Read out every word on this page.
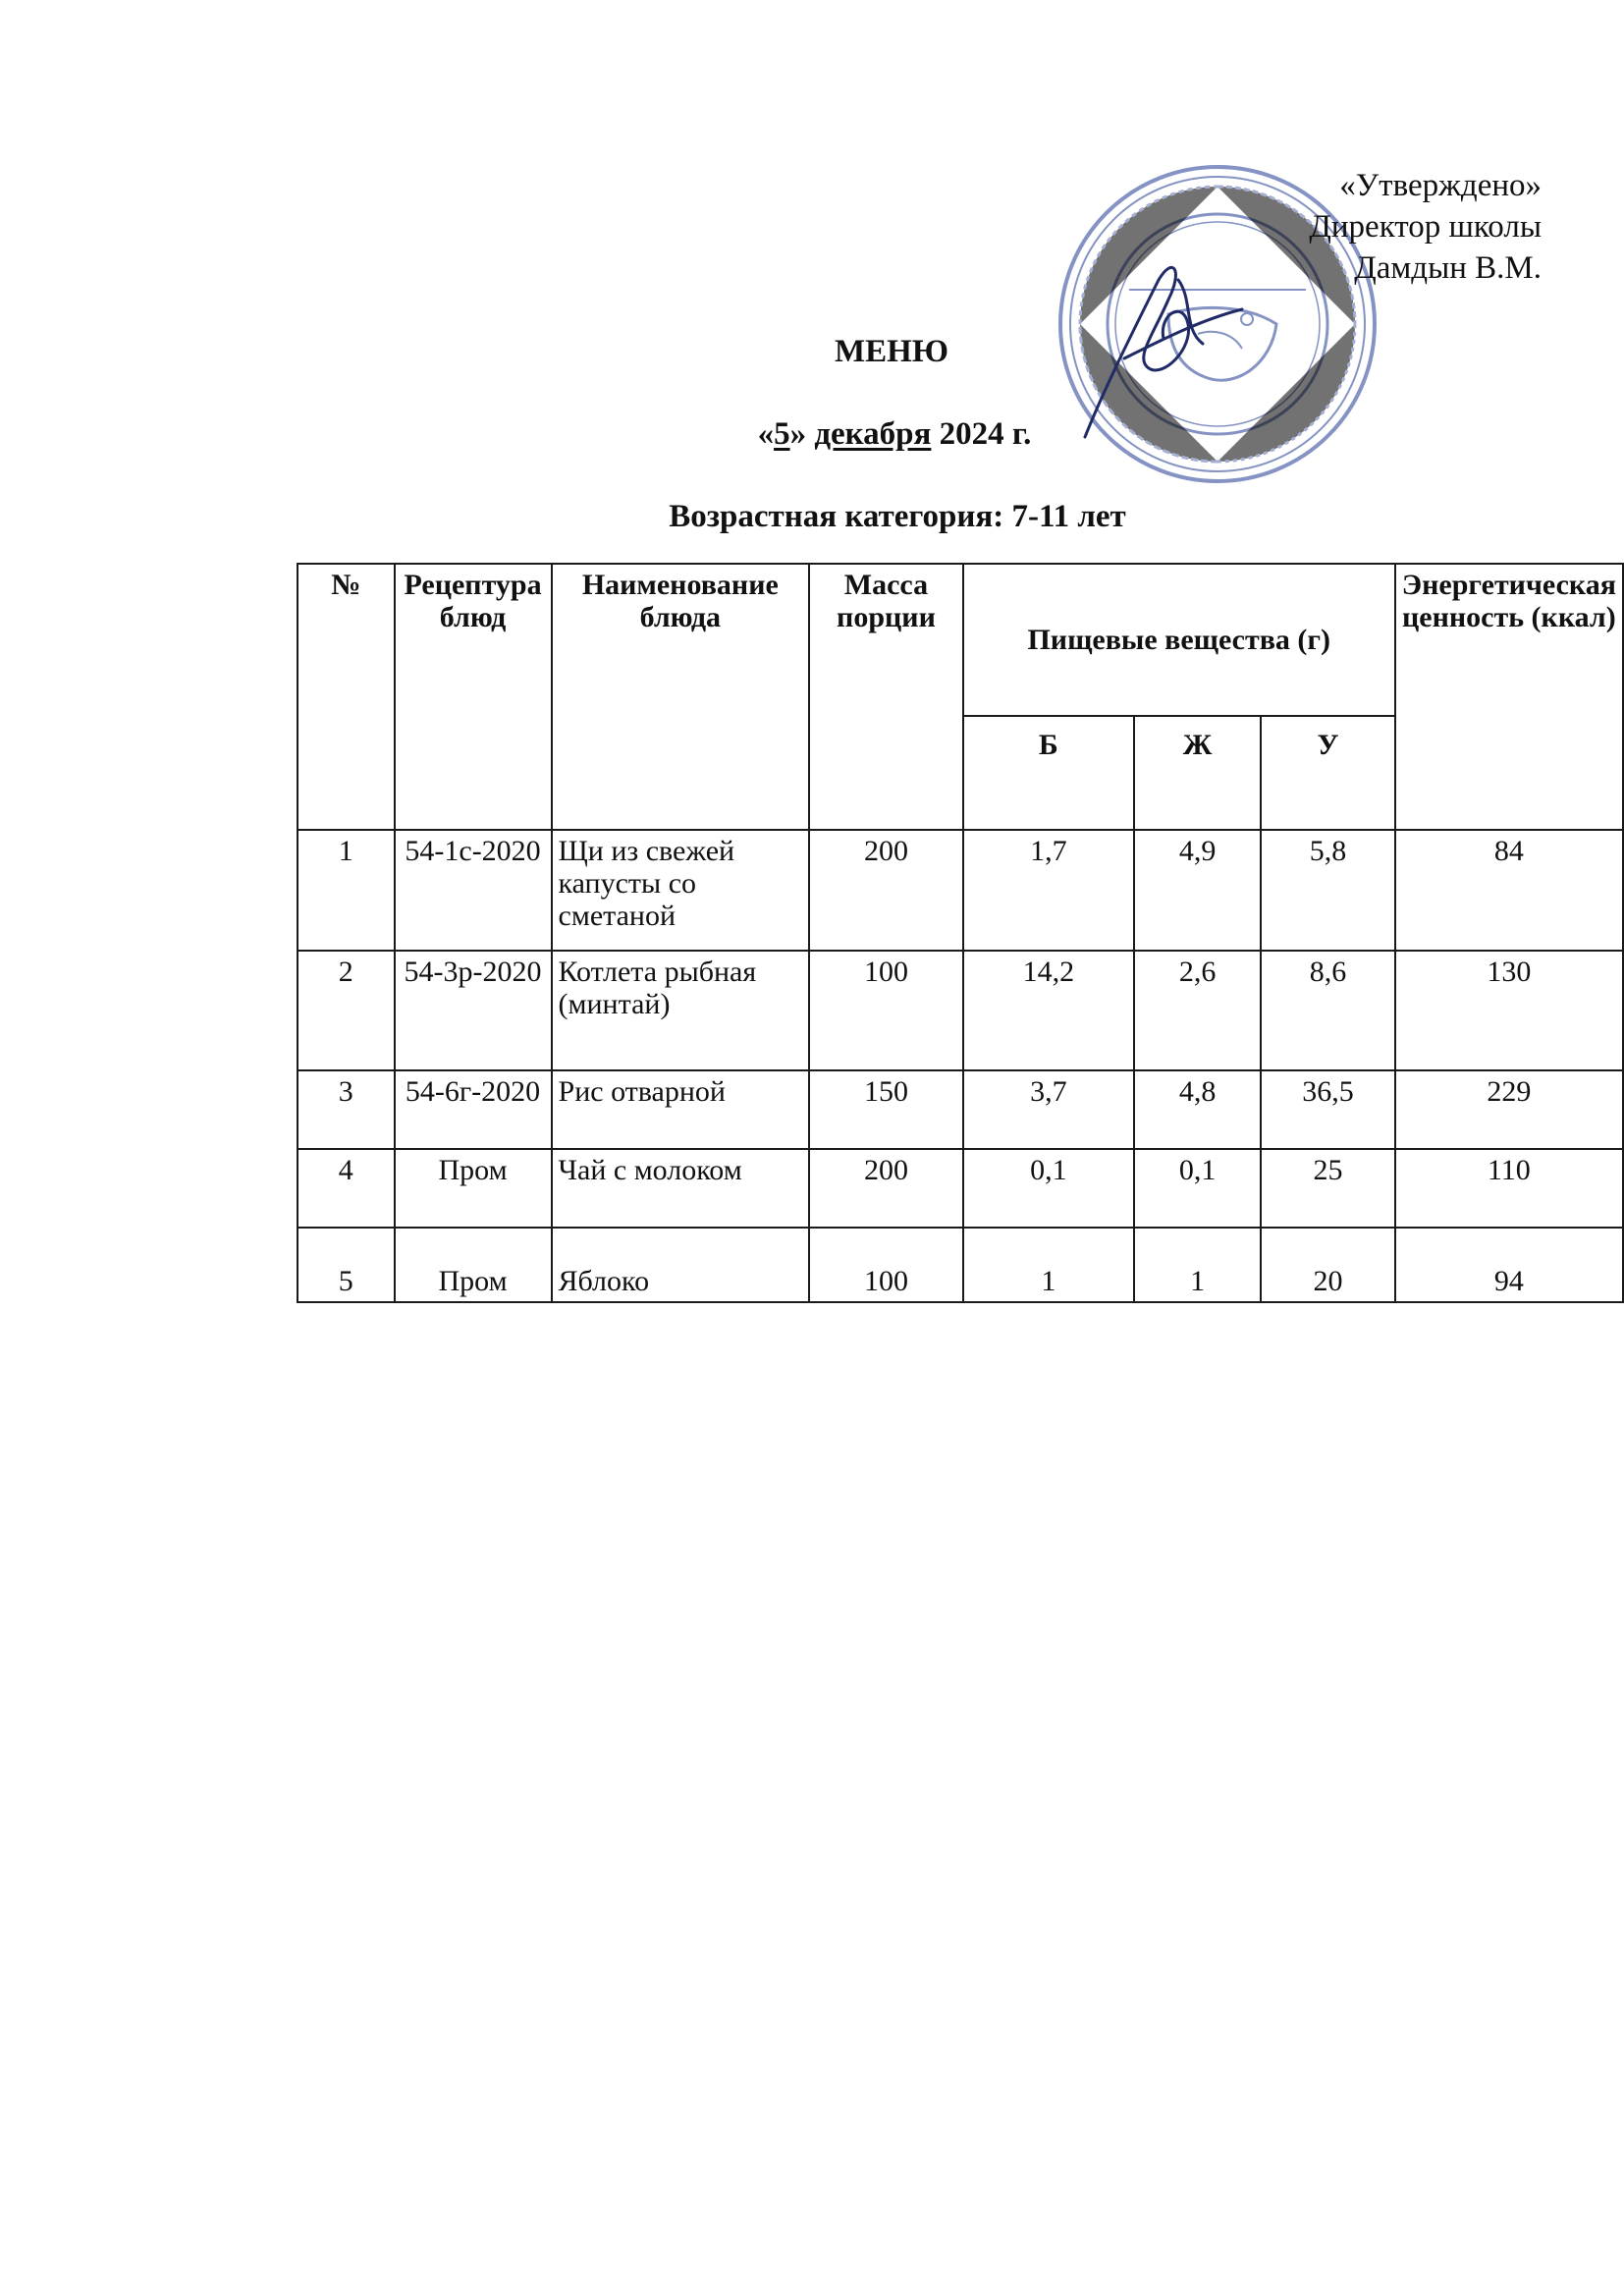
«Утверждено»
Директор школы
Дамдын В.М.
МЕНЮ
«5» декабря 2024 г.
Возрастная категория: 7-11 лет
№	Рецептура блюд	Наименование блюда	Масса порции	Пищевые вещества (г)			Энергетическая ценность (ккал)
				Б	Ж	У	
1	54-1с-2020	Щи из свежей капусты со сметаной	200	1,7	4,9	5,8	84
2	54-3р-2020	Котлета рыбная (минтай)	100	14,2	2,6	8,6	130
3	54-6г-2020	Рис отварной	150	3,7	4,8	36,5	229
4	Пром	Чай с молоком	200	0,1	0,1	25	110
5	Пром	Яблоко	100	1	1	20	94
